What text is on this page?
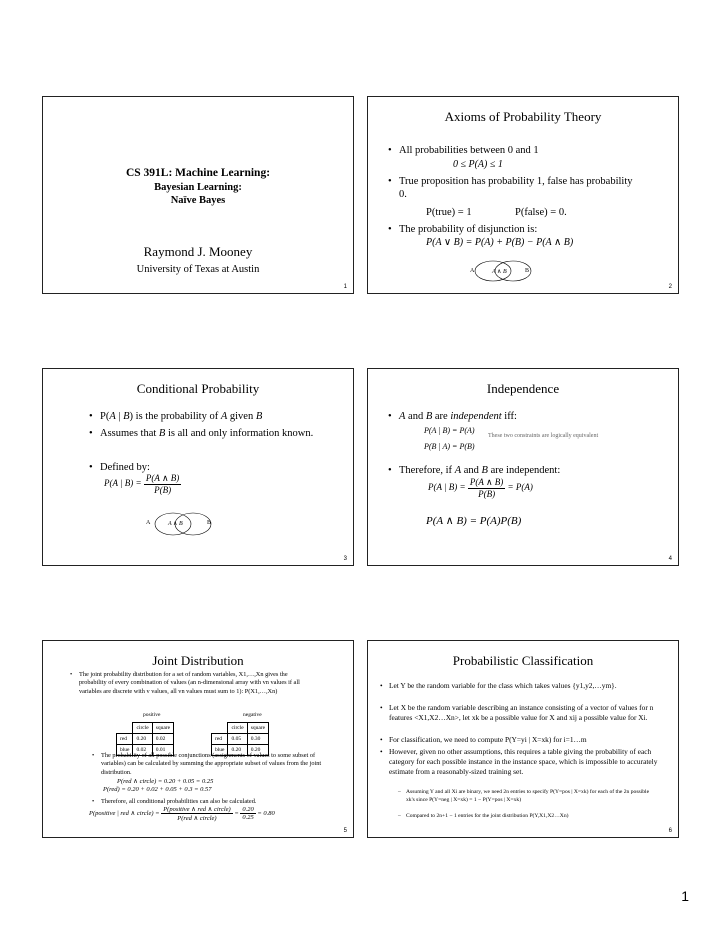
CS 391L: Machine Learning:
Bayesian Learning:
Naïve Bayes
Raymond J. Mooney
University of Texas at Austin
1
Axioms of Probability Theory
• All probabilities between 0 and 1
0 ≤ P(A) ≤ 1
• True proposition has probability 1, false has probability 0.
P(true) = 1	P(false) = 0.
• The probability of disjunction is:
P(A ∨ B) = P(A) + P(B) − P(A ∧ B)
A	A ∧ B	B
2
Conditional Probability
• P(A | B) is the probability of A given B
• Assumes that B is all and only information known.
• Defined by:
P(A | $B) = \frac{P(A \wedge B)}{P(B)}$
A	A ∧ B	B
3
Independence
• A and B are independent iff:
P(A | B) = P(A)
These two constraints are logically equivalent
P(B | A) = P(B)
• Therefore, if A and B are independent:
P(A | $B) = \frac{P(A \wedge B)}{P(B)} = P(A)$
P(A ∧ B) = P(A)P(B)
4
Joint Distribution
• The joint probability distribution for a set of random variables, X1,…,Xn gives the probability of every combination of values (an n-dimensional array with vn values if all variables are discrete with v values, all vn values must sum to 1): P(X1,…,Xn)
positive	negative
	circle	square
red	0.20	0.02
blue	0.02	0.01
	circle	square
red	0.05	0.30
blue	0.20	0.20
• The probability of all possible conjunctions (assignments of values to some subset of variables) can be calculated by summing the appropriate subset of values from the joint distribution.
P(red ∧ circle) = 0.20 + 0.05 = 0.25
P(red) = 0.20 + 0.02 + 0.05 + 0.3 = 0.57
• Therefore, all conditional probabilities can also be calculated.
P(positive | red ∧ circle) = $\frac{\text{P(positive ∧ red ∧ circle)}}{\text{P(red ∧ circle)}} = \frac{0.20}{0.25} = 0.80$
5
Probabilistic Classification
• Let Y be the random variable for the class which takes values {y1,y2,…ym}.
• Let X be the random variable describing an instance consisting of a vector of values for n features <X1,X2…Xn>, let xk be a possible value for X and xij a possible value for Xi.
• For classification, we need to compute P(Y=yi | X=xk) for i=1…m
• However, given no other assumptions, this requires a table giving the probability of each category for each possible instance in the instance space, which is impossible to accurately estimate from a reasonably-sized training set.
– Assuming Y and all Xi are binary, we need 2n entries to specify P(Y=pos | X=xk) for each of the 2n possible xk's since P(Y=neg | X=xk) = 1 − P(Y=pos | X=xk)
– Compared to 2n+1 − 1 entries for the joint distribution P(Y,X1,X2…Xn)
6
1
